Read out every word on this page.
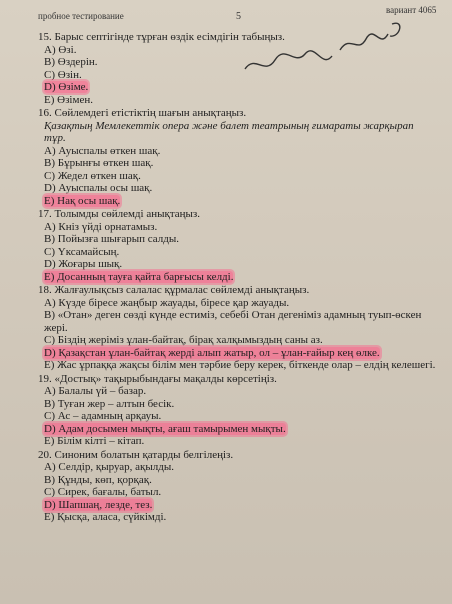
пробное тестирование	5
вариант 4065
15. Барыс септігінде тұрған өздік есімдігін табыңыз.
А) Өзі.
В) Өздерін.
С) Өзін.
D) Өзіме.
Е) Өзімен.
16. Сөйлемдегі етістіктің шағын анықтаңыз.
Қазақтың Мемлекеттік опера және балет театрының ғимараты жарқырап тұр.
А) Ауыспалы өткен шақ.
В) Бұрынғы өткен шақ.
С) Жедел өткен шақ.
D) Ауыспалы осы шақ.
Е) Нақ осы шақ.
17. Толымды сөйлемді анықтаңыз.
А) Кніз үйді орнатамыз.
В) Пойызға шығарып салды.
С) Үксамайсың.
D) Жоғары шық.
Е) Досанның тауға қайта барғысы келді.
18. Жалғаулықсыз салалас құрмалас сөйлемді анықтаңыз.
А) Күзде біресе жаңбыр жауады, біресе қар жауады.
В) «Отан» деген сөзді күнде естиміз, себебі Отан дегеніміз адамның туып-өскен жері.
С) Біздің жеріміз ұлан-байтақ, бірақ халқымыздың саны аз.
D) Қазақстан ұлан-байтақ жерді алып жатыр, ол – ұлан-ғайыр кең өлке.
Е) Жас ұрпаққа жақсы білім мен тәрбие беру керек, біткенде олар – елдің келешегі.
19. «Достық» тақырыбындағы мақалды көрсетіңіз.
А) Балалы үй – базар.
В) Туған жер – алтын бесік.
С) Ас – адамның арқауы.
D) Адам досымен мықты, ағаш тамырымен мықты.
Е) Білім кілті – кітап.
20. Синоним болатын қатарды белгілеңіз.
А) Селдір, қыруар, ақылды.
В) Құнды, көп, қорқақ.
С) Сирек, бағалы, батыл.
D) Шапшаң, лезде, тез.
Е) Қысқа, аласа, сүйкімді.
